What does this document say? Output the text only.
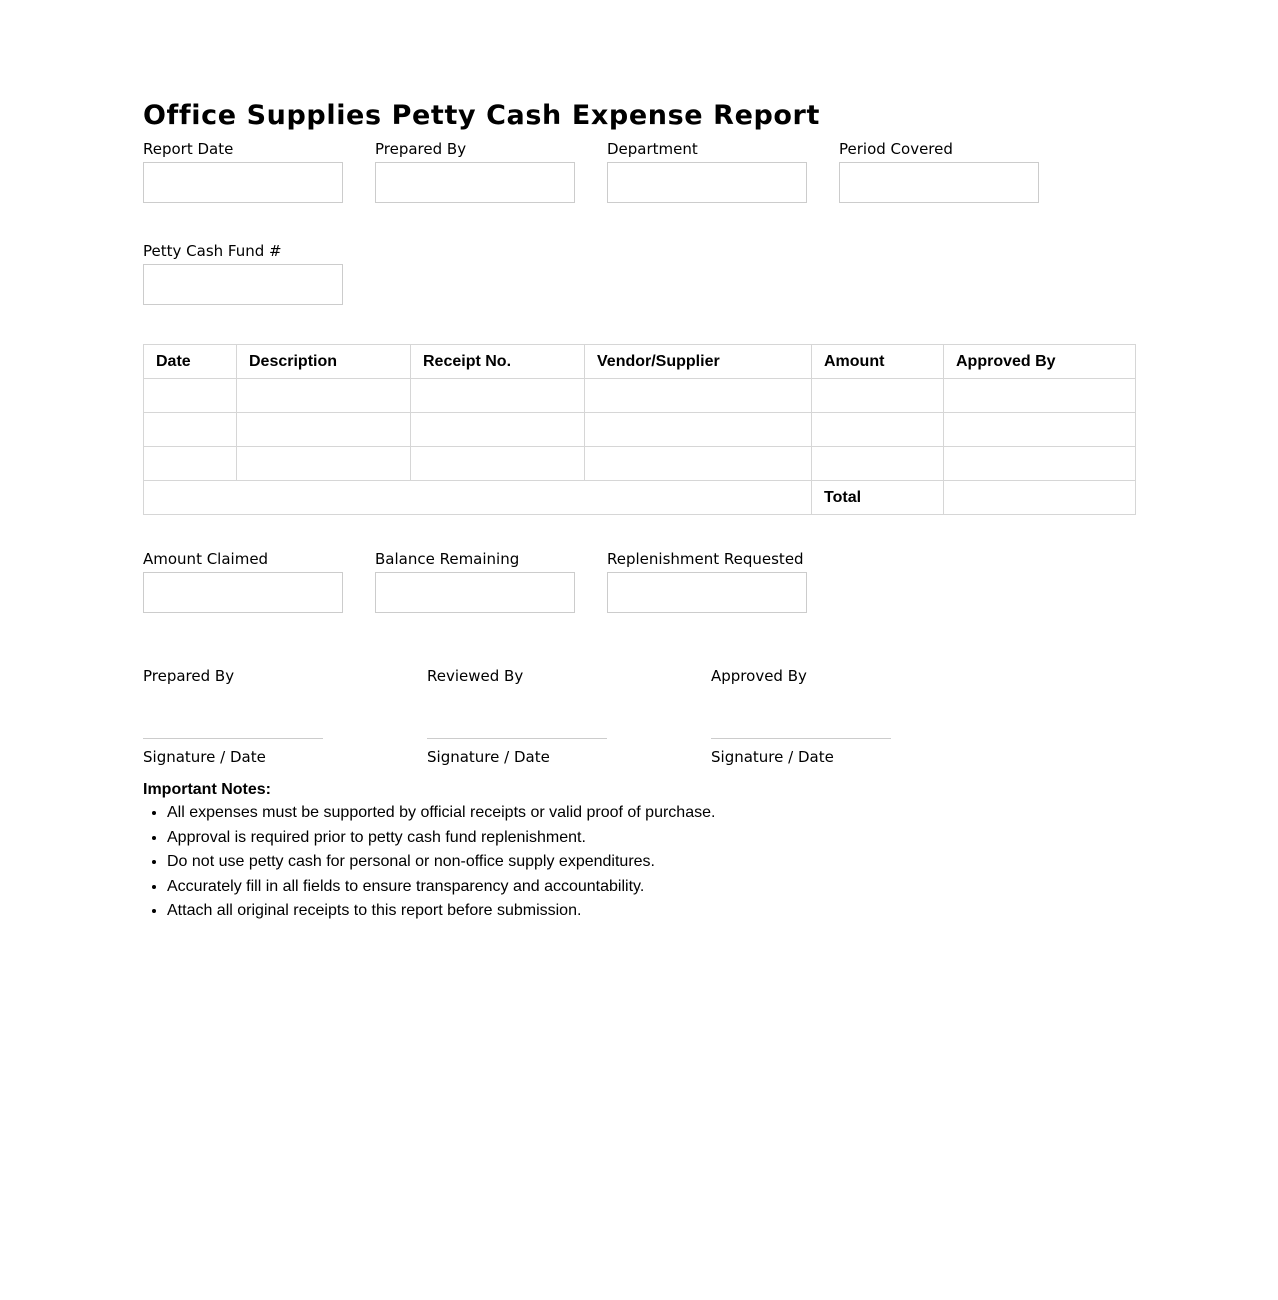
Office Supplies Petty Cash Expense Report
Report Date	Prepared By	Department	Period Covered
Petty Cash Fund #
Date	Description	Receipt No.	Vendor/Supplier	Amount	Approved By

				Total	
Amount Claimed	Balance Remaining	Replenishment Requested
Prepared By
Signature / Date
Reviewed By
Signature / Date
Approved By
Signature / Date
Important Notes:
• All expenses must be supported by official receipts or valid proof of purchase.
• Approval is required prior to petty cash fund replenishment.
• Do not use petty cash for personal or non-office supply expenditures.
• Accurately fill in all fields to ensure transparency and accountability.
• Attach all original receipts to this report before submission.
